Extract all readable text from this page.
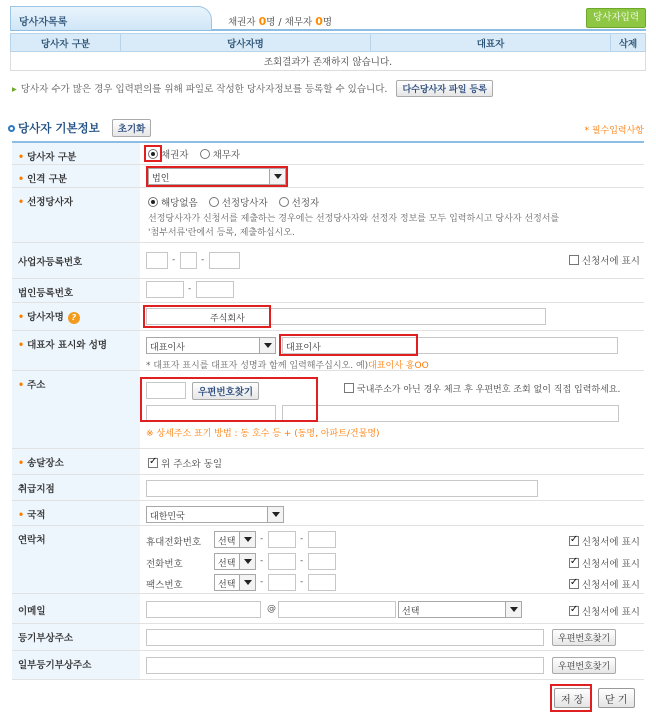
당사자목록	채권자 0명 / 채무자 0명	당사자입력
당사자 구분	당사자명	대표자	삭제
조회결과가 존재하지 않습니다.
▸ 당사자 수가 많은 경우 입력편의를 위해 파일로 작성한 당사자정보를 등록할 수 있습니다. 다수당사자 파일 등록
당사자 기본정보 초기화	* 필수입력사항
• 당사자 구분	채권자	채무자
• 인격 구분	법인
• 선정당사자	해당없음	선정당사자	선정자
선정당사자가 신청서를 제출하는 경우에는 선정당사자와 선정자 정보를 모두 입력하시고 당사자 선정서를
'첨부서류'란에서 등록, 제출하십시오.
사업자등록번호	-	-	신청서에 표시
법인등록번호	-
• 당사자명 ?	주식회사
• 대표자 표시와 성명	대표이사	대표이사
* 대표자 표시를 대표자 성명과 함께 입력해주십시오. 예)대표이사 홍OO
• 주소
우편번호찾기	국내주소가 아닌 경우 체크 후 우편번호 조회 없이 직접 입력하세요.
※ 상세주소 표기 방법 : 동 호수 등 + (동명, 아파트/건물명)
• 송달장소 ✓	위 주소와 동일
취급지점
• 국적	대한민국
연락처	휴대전화번호	선택	-	- ✓	신청서에 표시
전화번호	선택	-	- ✓	신청서에 표시
팩스번호	선택	-	- ✓	신청서에 표시
이메일	@	선택 ✓	신청서에 표시
등기부상주소	우편번호찾기
일부등기부상주소	우편번호찾기
저 장	닫 기
